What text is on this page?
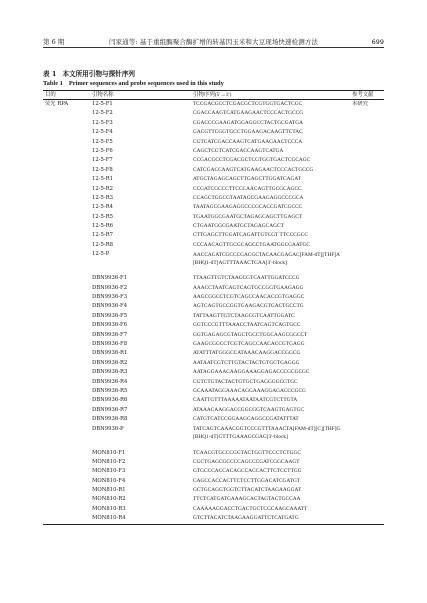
第 6 期	闫家通等: 基于重组酶聚合酶扩增的转基因玉米和大豆现场快速检测方法	699
表 1 本文所用引物与探针序列
Table 1 Primer sequences and probe sequences used in this study
目的	引物名称	引物序列(5'→3')	参考文献
荧光 RPA	12-5-F1	TCCGACGCCTCGACGCTCGTGGTGACTCGC	本研究
12-5-F2	CGACCAAGTCATGAAGAACTCCCACTGCCG
12-5-F3	CGACCCGAAGATGGAGGCCTACTGCGATGA
12-5-F4	GACGTTCGGTGCCTGGAAGACAAGTTCTAC
12-5-F5	CGTCATCGACCAAGTCATGAAGAACTCCCA
12-5-F6	CAGCTCGTCATCGACCAAGTCATGA
12-5-F7	CCGACGCCTCGACGCTCGTGGTGACTCGCAGC
12-5-F8	CATCGACCAAGTCATGAAGAACTCCCACTGCCG
12-5-R1	ATGCTAGAGCAGCTTGAGCTTGGATCAGAT
12-5-R2	CCGATCGCCCTTCCCAACAGTTGCGCAGCC
12-5-R3	CCAGCTGGCGTAATAGCGAAGAGGCCCGCA
12-5-R4	TAATAGCGAAGAGGCCCGCACCGATCGCCC
12-5-R5	TGAATGGCGAATGCTAGAGCAGCTTGAGCT
12-5-R6	CTGAATGGCGAATGCTAGAGCAGCT
12-5-R7	CTTGAGCTTGGATCAGATTGTCGT TTCCCGCC
12-5-R8	CCCAACAGTTGCGCAGCCTGAATGGCGAATGC
12-5-P	AACCACATCGCCCGACGCTACAACGAGAC[FAM-dT][THF]A
[BHQ1-dT]AGTTTAAACTGAA[3'-block]
DBN9936-F1	TTAAGTTGTCTAAGCGTCAATTGGATCCCG
DBN9936-F2	AAACCTAATCAGTCAGTGCCGGTGAAGAGG
DBN9936-F3	AAGCGGCCTCGTCAGCCAACACCGTGAGGC
DBN9936-F4	AGTCAGTGCCGGTGAAGACGTGACTGCCTG
DBN9936-F5	TATTAAGTTGTCTAAGCGTCAATTGGATC
DBN9936-F6	GGTCCCGTTTAAACCTAATCAGTCAGTGCC
DBN9936-F7	GGTGAGAGCGTAGCTGCCTGGCAAGCGGCCT
DBN9936-F8	GAAGCGGCCTCGTCAGCCAACACCGTGAGG
DBN9936-R1	ATATTTATGGGCCATAAACAAGGACCGGCG
DBN9936-R2	AATAATCGTCTTGTACTACTGTGCTGAGGG
DBN9936-R3	AATAGGAAACAAGGAAAGGAGACCCGCGCGC
DBN9936-R4	CGTCTGTACTACTGTGCTGAGGGGCGTGC
DBN9936-R5	GCAAATAGGAAACAGGAAAGGAGACCCGCG
DBN9936-R6	CAATTGTTTAAAAATAATAATCGTCTTGTA
DBN9936-R7	ATAAACAAGGACCGGCGGTCAAGTGAGTGC
DBN9936-R8	CATGTCATCCGGAAGCAGGCCGATATTTAT
DBN9936-P	TATCAGTCAAACGGTCCCGTTTAAACTA[FAM-dT][C][THF]G
[BHQ1-dT]GTTTGAAAGCGAG[3'-block]
MON810-F1	TCAACGTGCCCGGTACTGGTTCCCTCTGGC
MON810-F2	CGCTGAGCGCCCCAGCCCGATCGGCAAGT
MON810-F3	GTGCCCACCACAGCCACCACTTCTCCTTGG
MON810-F4	CAGCCACCACTTCTCCTTGGACATCGATGT
MON810-R1	GCTGCAGGTGGTCTTACATCTAAGAAGGAT
MON810-R2	TTCTCATGATGAAAGCACTAGTACTGCCAA
MON810-R3	CAAAAAGGACCTGACTGCTCGCAAGCAAATT
MON810-R4	GTCTTACATCTAAGAAGGATTCTCATGATG
